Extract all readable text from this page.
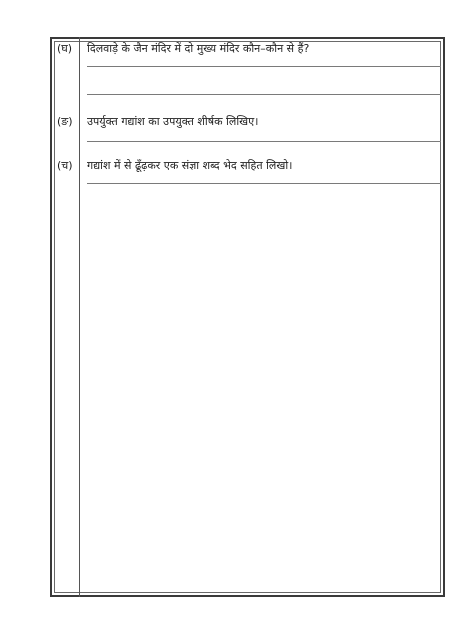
(घ) दिलवाड़े के जैन मंदिर में दो मुख्य मंदिर कौन–कौन से हैं?
(ङ) उपर्युक्त गद्यांश का उपयुक्त शीर्षक लिखिए।
(च) गद्यांश में से ढूँढ़कर एक संज्ञा शब्द भेद सहित लिखो।
